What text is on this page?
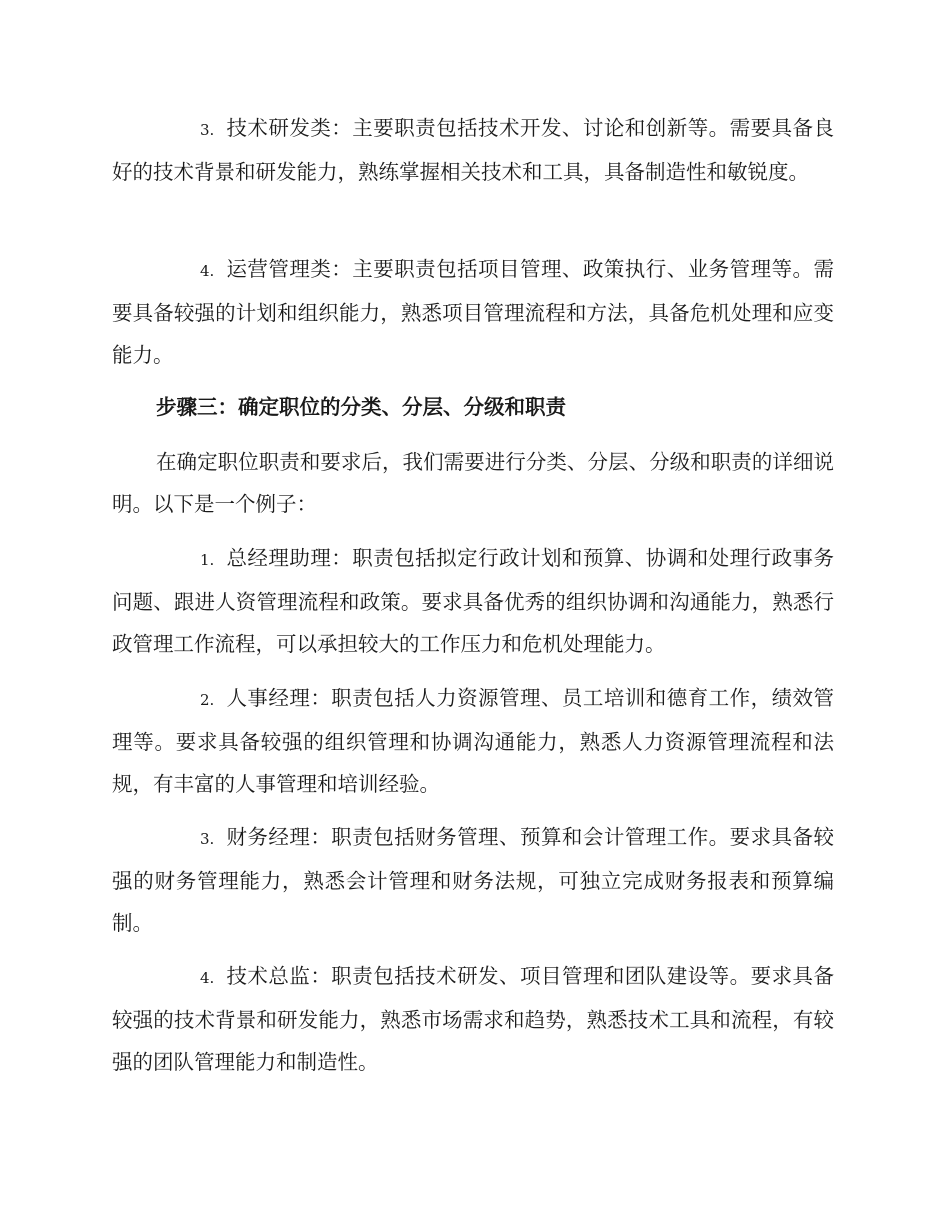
3. 技术研发类：主要职责包括技术开发、讨论和创新等。需要具备良好的技术背景和研发能力，熟练掌握相关技术和工具，具备制造性和敏锐度。

4. 运营管理类：主要职责包括项目管理、政策执行、业务管理等。需要具备较强的计划和组织能力，熟悉项目管理流程和方法，具备危机处理和应变能力。

步骤三：确定职位的分类、分层、分级和职责

在确定职位职责和要求后，我们需要进行分类、分层、分级和职责的详细说明。以下是一个例子：

1. 总经理助理：职责包括拟定行政计划和预算、协调和处理行政事务问题、跟进人资管理流程和政策。要求具备优秀的组织协调和沟通能力，熟悉行政管理工作流程，可以承担较大的工作压力和危机处理能力。

2. 人事经理：职责包括人力资源管理、员工培训和德育工作，绩效管理等。要求具备较强的组织管理和协调沟通能力，熟悉人力资源管理流程和法规，有丰富的人事管理和培训经验。

3. 财务经理：职责包括财务管理、预算和会计管理工作。要求具备较强的财务管理能力，熟悉会计管理和财务法规，可独立完成财务报表和预算编制。

4. 技术总监：职责包括技术研发、项目管理和团队建设等。要求具备较强的技术背景和研发能力，熟悉市场需求和趋势，熟悉技术工具和流程，有较强的团队管理能力和制造性。
